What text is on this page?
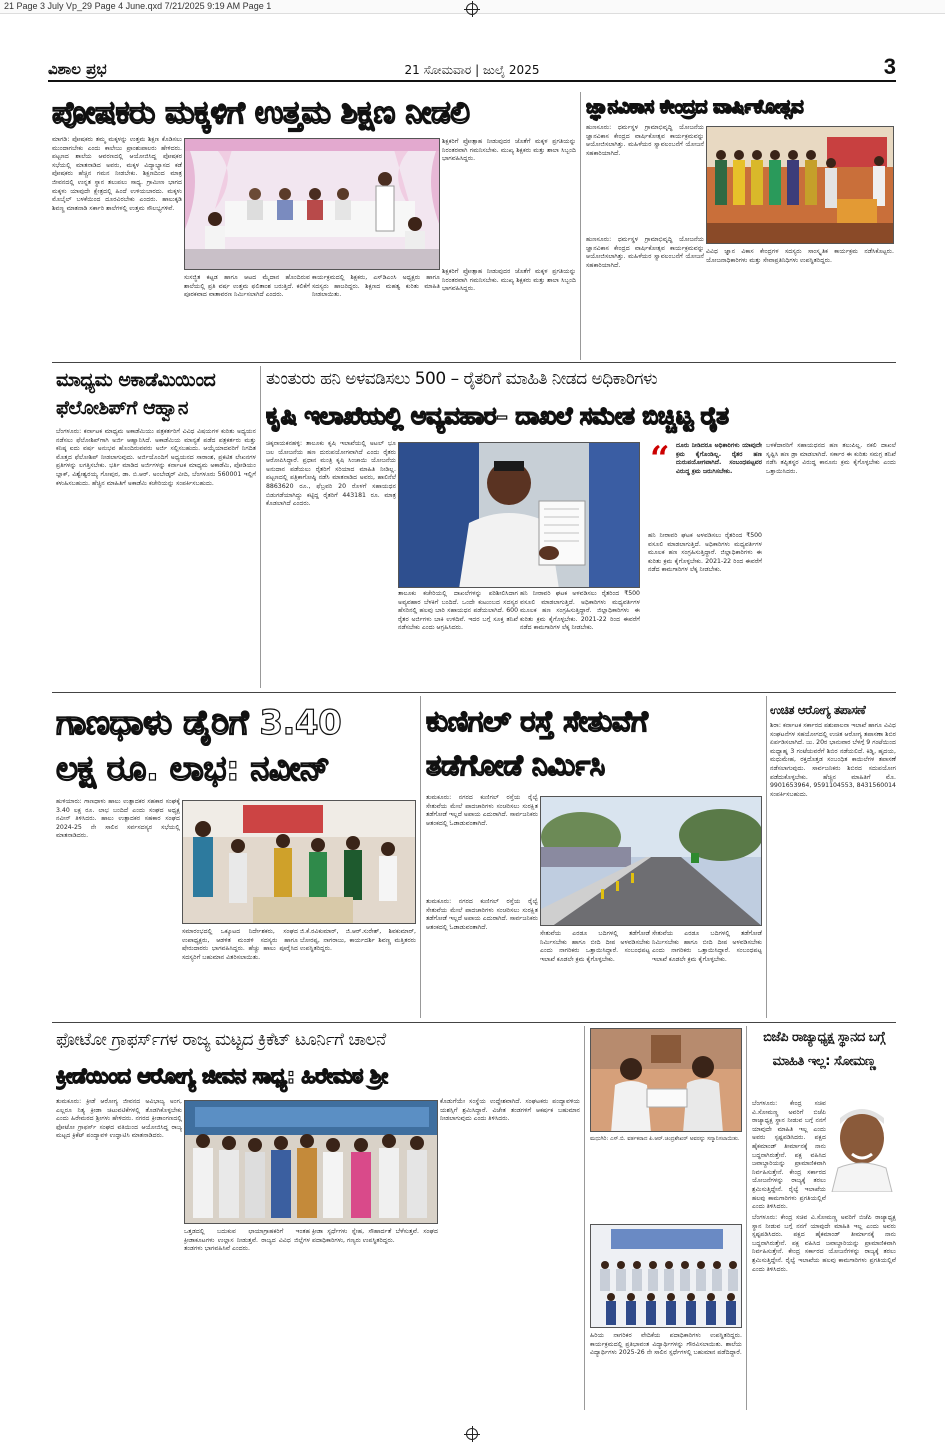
21 Page 3 July Vp_29 Page 4 June.qxd 7/21/2025 9:19 AM Page 1
ವಿಶಾಲ ಪ್ರಭ	21 ಸೋಮವಾರ | ಜುಲೈ 2025	3
ಪೋಷಕರು ಮಕ್ಕಳಿಗೆ ಉತ್ತಮ ಶಿಕ್ಷಣ ನೀಡಲಿ
ಮಾಗಡಿ: ಪೋಷಕರು ತಮ್ಮ ಮಕ್ಕಳನ್ನು ಉತ್ತಮ ಶಿಕ್ಷಣ ಕೊಡಿಸಲು ಮುಂದಾಗಬೇಕು ಎಂದು ಕಾಲೇಜು ಪ್ರಾಂಶುಪಾಲರು ಹೇಳಿದರು. ಪಟ್ಟಣದ ಶಾಲೆಯ ಆವರಣದಲ್ಲಿ ಆಯೋಜಿಸಿದ್ದ ಪೋಷಕರ ಸಭೆಯಲ್ಲಿ ಮಾತನಾಡಿದ ಅವರು, ಮಕ್ಕಳ ವಿದ್ಯಾಭ್ಯಾಸದ ಕಡೆ ಪೋಷಕರು ಹೆಚ್ಚಿನ ಗಮನ ನೀಡಬೇಕು. ಶಿಕ್ಷಣದಿಂದ ಮಾತ್ರ ಜೀವನದಲ್ಲಿ ಉನ್ನತ ಸ್ಥಾನ ತಲುಪಲು ಸಾಧ್ಯ. ಗ್ರಾಮೀಣ ಭಾಗದ ಮಕ್ಕಳು ಯಾವುದೇ ಕ್ಷೇತ್ರದಲ್ಲಿ ಹಿಂದೆ ಉಳಿಯಬಾರದು. ಮಕ್ಕಳು ಮೊಬೈಲ್ ಬಳಕೆಯಿಂದ ದೂರವಿರಬೇಕು ಎಂದರು. ಹಾಲುಕ್ಕಡಿ ಶಿವಣ್ಣ ಮಾತನಾಡಿ ಸರ್ಕಾರಿ ಶಾಲೆಗಳಲ್ಲಿ ಉತ್ತಮ ಸೌಲಭ್ಯಗಳಿವೆ.
ಶಿಕ್ಷಕರಿಗೆ ಪ್ರೋತ್ಸಾಹ ನೀಡುವುದರ ಜೊತೆಗೆ ಮಕ್ಕಳ ಪ್ರಗತಿಯನ್ನು ನಿರಂತರವಾಗಿ ಗಮನಿಸಬೇಕು. ಮುಖ್ಯ ಶಿಕ್ಷಕರು ಮತ್ತು ಶಾಲಾ ಸಿಬ್ಬಂದಿ ಭಾಗವಹಿಸಿದ್ದರು.
ಸುಸಜ್ಜಿತ ಕಟ್ಟಡ ಹಾಗೂ ಆಟದ ಮೈದಾನ ಹೊಂದಿರುವ ಶಾಲೆಯಲ್ಲಿ ಪ್ರತಿ ವರ್ಷ ಉತ್ತಮ ಫಲಿತಾಂಶ ಬರುತ್ತಿದೆ. ಕಲಿಕೆಗೆ ಪೂರಕವಾದ ವಾತಾವರಣ ನಿರ್ಮಿಸಲಾಗಿದೆ ಎಂದರು.
ಕಾರ್ಯಕ್ರಮದಲ್ಲಿ ಶಿಕ್ಷಕರು, ಎಸ್‌ಡಿಎಂಸಿ ಅಧ್ಯಕ್ಷರು ಹಾಗೂ ಸದಸ್ಯರು ಹಾಜರಿದ್ದರು. ಶಿಕ್ಷಣದ ಮಹತ್ವ ಕುರಿತು ಮಾಹಿತಿ ನೀಡಲಾಯಿತು.
ಶಿಕ್ಷಕರಿಗೆ ಪ್ರೋತ್ಸಾಹ ನೀಡುವುದರ ಜೊತೆಗೆ ಮಕ್ಕಳ ಪ್ರಗತಿಯನ್ನು ನಿರಂತರವಾಗಿ ಗಮನಿಸಬೇಕು. ಮುಖ್ಯ ಶಿಕ್ಷಕರು ಮತ್ತು ಶಾಲಾ ಸಿಬ್ಬಂದಿ ಭಾಗವಹಿಸಿದ್ದರು.
ಜ್ಞಾನವಿಕಾಸ ಕೇಂದ್ರದ ವಾರ್ಷಿಕೋತ್ಸವ
ಹುಣಸೂರು: ಧರ್ಮಸ್ಥಳ ಗ್ರಾಮಾಭಿವೃದ್ಧಿ ಯೋಜನೆಯ ಜ್ಞಾನವಿಕಾಸ ಕೇಂದ್ರದ ವಾರ್ಷಿಕೋತ್ಸವ ಕಾರ್ಯಕ್ರಮವನ್ನು ಆಯೋಜಿಸಲಾಗಿತ್ತು. ಮಹಿಳೆಯರ ಸ್ವಾವಲಂಬನೆಗೆ ಯೋಜನೆ ಸಹಕಾರಿಯಾಗಿದೆ.
ಹುಣಸೂರು: ಧರ್ಮಸ್ಥಳ ಗ್ರಾಮಾಭಿವೃದ್ಧಿ ಯೋಜನೆಯ ಜ್ಞಾನವಿಕಾಸ ಕೇಂದ್ರದ ವಾರ್ಷಿಕೋತ್ಸವ ಕಾರ್ಯಕ್ರಮವನ್ನು ಆಯೋಜಿಸಲಾಗಿತ್ತು. ಮಹಿಳೆಯರ ಸ್ವಾವಲಂಬನೆಗೆ ಯೋಜನೆ ಸಹಕಾರಿಯಾಗಿದೆ.
ವಿವಿಧ ಜ್ಞಾನ ವಿಕಾಸ ಕೇಂದ್ರಗಳ ಸದಸ್ಯರು ಸಾಂಸ್ಕೃತಿಕ ಕಾರ್ಯಕ್ರಮ ನಡೆಸಿಕೊಟ್ಟರು. ಯೋಜನಾಧಿಕಾರಿಗಳು ಮತ್ತು ಸೇವಾಪ್ರತಿನಿಧಿಗಳು ಉಪಸ್ಥಿತರಿದ್ದರು.
ಮಾಧ್ಯಮ ಅಕಾಡೆಮಿಯಿಂದ ಫೆಲೋಶಿಪ್‌ಗೆ ಆಹ್ವಾನ
ಬೆಂಗಳೂರು: ಕರ್ನಾಟಕ ಮಾಧ್ಯಮ ಅಕಾಡೆಮಿಯು ಪತ್ರಕರ್ತರಿಗೆ ವಿವಿಧ ವಿಷಯಗಳ ಕುರಿತು ಅಧ್ಯಯನ ನಡೆಸಲು ಫೆಲೋಶಿಪ್‌ಗಾಗಿ ಅರ್ಜಿ ಆಹ್ವಾನಿಸಿದೆ. ಅಕಾಡೆಮಿಯ ಮಾನ್ಯತೆ ಪಡೆದ ಪತ್ರಕರ್ತರು ಮತ್ತು ಕನಿಷ್ಠ ಐದು ವರ್ಷ ಅನುಭವ ಹೊಂದಿರುವವರು ಅರ್ಜಿ ಸಲ್ಲಿಸಬಹುದು. ಆಯ್ಕೆಯಾದವರಿಗೆ ನಿಗದಿತ ಮೊತ್ತದ ಫೆಲೋಶಿಪ್ ನೀಡಲಾಗುವುದು. ಅರ್ಜಿಯೊಂದಿಗೆ ಅಧ್ಯಯನದ ಸಾರಾಂಶ, ಪ್ರಕಟಿತ ಲೇಖನಗಳ ಪ್ರತಿಗಳನ್ನು ಲಗತ್ತಿಸಬೇಕು. ಭರ್ತಿ ಮಾಡಿದ ಅರ್ಜಿಗಳನ್ನು ಕರ್ನಾಟಕ ಮಾಧ್ಯಮ ಅಕಾಡೆಮಿ, ಪೋಡಿಯಂ ಬ್ಲಾಕ್, ವಿಶ್ವೇಶ್ವರಯ್ಯ ಗೋಪುರ, ಡಾ. ಬಿ.ಆರ್. ಅಂಬೇಡ್ಕರ್ ವೀದಿ, ಬೆಂಗಳೂರು 560001 ಇಲ್ಲಿಗೆ ಕಳುಹಿಸಬಹುದು. ಹೆಚ್ಚಿನ ಮಾಹಿತಿಗೆ ಅಕಾಡೆಮಿ ಕಚೇರಿಯನ್ನು ಸಂಪರ್ಕಿಸಬಹುದು.
ತುಂತುರು ಹನಿ ಅಳವಡಿಸಲು 500 – ರೈತರಿಗೆ ಮಾಹಿತಿ ನೀಡದ ಅಧಿಕಾರಿಗಳು
ಕೃಷಿ ಇಲಾಖೆಯಲ್ಲಿ ಅವ್ಯವಹಾರ– ದಾಖಲೆ ಸಮೇತ ಬಿಚ್ಚಿಟ್ಟ ರೈತ
ಚಿಕ್ಕನಾಯಕನಹಳ್ಳಿ: ತಾಲೂಕು ಕೃಷಿ ಇಲಾಖೆಯಲ್ಲಿ ಅಟಲ್ ಭೂ ಜಲ ಯೋಜನೆಯ ಹಣ ದುರುಪಯೋಗವಾಗಿದೆ ಎಂದು ರೈತರು ಆರೋಪಿಸಿದ್ದಾರೆ. ಪ್ರಧಾನ ಮಂತ್ರಿ ಕೃಷಿ ಸಿಂಚಾಯಿ ಯೋಜನೆಯ ಅನುದಾನ ಪಡೆಯಲು ರೈತರಿಗೆ ಸರಿಯಾದ ಮಾಹಿತಿ ನೀಡಿಲ್ಲ. ಪಟ್ಟಣದಲ್ಲಿ ಪತ್ರಿಕಾಗೋಷ್ಠಿ ನಡೆಸಿ ಮಾತನಾಡಿದ ಅವರು, ಹಾಲಿನೆಲೆ 8863620 ರೂ., ಫೆಬ್ರವರಿ 20 ರೊಳಗೆ ಸಹಾಯಧನ ಬಿಡುಗಡೆಯಾಗಿದ್ದು ಕಟ್ಟಿದ್ದ ರೈತರಿಗೆ 443181 ರೂ. ಮಾತ್ರ ಕೊಡಲಾಗಿದೆ ಎಂದರು.
ತಾಲೂಕು ಕಚೇರಿಯಲ್ಲಿ ದಾಖಲೆಗಳನ್ನು ಪರಿಶೀಲಿಸಿದಾಗ ಅವ್ಯವಹಾರ ಬೆಳಕಿಗೆ ಬಂದಿದೆ. ಒಂದೇ ಕುಟುಂಬದ ಸದಸ್ಯರ ಹೆಸರಿನಲ್ಲಿ ಹಲವು ಬಾರಿ ಸಹಾಯಧನ ಪಡೆಯಲಾಗಿದೆ. 600 ರೈತರ ಅರ್ಜಿಗಳು ಬಾಕಿ ಉಳಿದಿವೆ. ಇದರ ಬಗ್ಗೆ ಸೂಕ್ತ ತನಿಖೆ ನಡೆಸಬೇಕು ಎಂದು ಆಗ್ರಹಿಸಿದರು.
ಹನಿ ನೀರಾವರಿ ಘಟಕ ಅಳವಡಿಸಲು ರೈತರಿಂದ ₹500 ವಸೂಲಿ ಮಾಡಲಾಗುತ್ತಿದೆ. ಅಧಿಕಾರಿಗಳು ಮಧ್ಯವರ್ತಿಗಳ ಮೂಲಕ ಹಣ ಸಂಗ್ರಹಿಸುತ್ತಿದ್ದಾರೆ. ಜಿಲ್ಲಾಧಿಕಾರಿಗಳು ಈ ಕುರಿತು ಕ್ರಮ ಕೈಗೊಳ್ಳಬೇಕು. 2021-22 ರಿಂದ ಈವರೆಗೆ ನಡೆದ ಕಾಮಗಾರಿಗಳ ಲೆಕ್ಕ ನೀಡಬೇಕು.
“ ದೂರು ನೀಡಿದರೂ ಅಧಿಕಾರಿಗಳು ಯಾವುದೇ ಕ್ರಮ ಕೈಗೊಂಡಿಲ್ಲ. ರೈತರ ಹಣ ದುರುಪಯೋಗವಾಗಿದೆ. ಸಂಬಂಧಪಟ್ಟವರ ವಿರುದ್ಧ ಕ್ರಮ ಜರುಗಿಸಬೇಕು.
ಹನಿ ನೀರಾವರಿ ಘಟಕ ಅಳವಡಿಸಲು ರೈತರಿಂದ ₹500 ವಸೂಲಿ ಮಾಡಲಾಗುತ್ತಿದೆ. ಅಧಿಕಾರಿಗಳು ಮಧ್ಯವರ್ತಿಗಳ ಮೂಲಕ ಹಣ ಸಂಗ್ರಹಿಸುತ್ತಿದ್ದಾರೆ. ಜಿಲ್ಲಾಧಿಕಾರಿಗಳು ಈ ಕುರಿತು ಕ್ರಮ ಕೈಗೊಳ್ಳಬೇಕು. 2021-22 ರಿಂದ ಈವರೆಗೆ ನಡೆದ ಕಾಮಗಾರಿಗಳ ಲೆಕ್ಕ ನೀಡಬೇಕು.
ಬಳಕೆದಾರರಿಗೆ ಸಹಾಯಧನದ ಹಣ ತಲುಪಿಲ್ಲ. ನಕಲಿ ದಾಖಲೆ ಸೃಷ್ಟಿಸಿ ಹಣ ಡ್ರಾ ಮಾಡಲಾಗಿದೆ. ಸರ್ಕಾರ ಈ ಕುರಿತು ಸಮಗ್ರ ತನಿಖೆ ನಡೆಸಿ ತಪ್ಪಿತಸ್ಥರ ವಿರುದ್ಧ ಕಾನೂನು ಕ್ರಮ ಕೈಗೊಳ್ಳಬೇಕು ಎಂದು ಒತ್ತಾಯಿಸಿದರು.
ಗಾಣಧಾಳು ಡೈರಿಗೆ 3.40
ಲಕ್ಷ ರೂ. ಲಾಭ: ನವೀನ್
ಹುಳಿಯಾರು: ಗಾಣಧಾಳು ಹಾಲು ಉತ್ಪಾದಕರ ಸಹಕಾರ ಸಂಘಕ್ಕೆ 3.40 ಲಕ್ಷ ರೂ. ಲಾಭ ಬಂದಿದೆ ಎಂದು ಸಂಘದ ಅಧ್ಯಕ್ಷ ನವೀನ್ ತಿಳಿಸಿದರು. ಹಾಲು ಉತ್ಪಾದಕರ ಸಹಕಾರ ಸಂಘದ 2024-25 ನೇ ಸಾಲಿನ ಸರ್ವಸದಸ್ಯರ ಸಭೆಯಲ್ಲಿ ಮಾತನಾಡಿದರು.
ಸಮಾರಂಭದಲ್ಲಿ ಒಕ್ಕೂಟದ ನಿರ್ದೇಶಕರು, ಸಂಘದ ಉಪಾಧ್ಯಕ್ಷರು, ಆಡಳಿತ ಮಂಡಳಿ ಸದಸ್ಯರು ಹಾಗೂ ಷೇರುದಾರರು ಭಾಗವಹಿಸಿದ್ದರು. ಹೆಚ್ಚು ಹಾಲು ಪೂರೈಸಿದ ಸದಸ್ಯರಿಗೆ ಬಹುಮಾನ ವಿತರಿಸಲಾಯಿತು.
ಜಿ.ಕೆ.ರವಿಕುಮಾರ್, ಜಿ.ಆರ್.ಸುರೇಶ್, ಶಿವಕುಮಾರ್, ಬೋರಪ್ಪ, ನಾಗರಾಜು, ಕಾರ್ಯದರ್ಶಿ ಶಿವಣ್ಣ ಮತ್ತಿತರರು ಉಪಸ್ಥಿತರಿದ್ದರು.
ಕುಣಿಗಲ್ ರಸ್ತೆ ಸೇತುವೆಗೆ
ತಡೆಗೋಡೆ ನಿರ್ಮಿಸಿ
ತುಮಕೂರು: ನಗರದ ಕುಣಿಗಲ್ ರಸ್ತೆಯ ರೈಲ್ವೆ ಸೇತುವೆಯ ಮೇಲೆ ಪಾದಚಾರಿಗಳು ಸಂಚರಿಸಲು ಸುರಕ್ಷಿತ ತಡೆಗೋಡೆ ಇಲ್ಲದೆ ಅಪಾಯ ಎದುರಾಗಿದೆ. ಸಾರ್ವಜನಿಕರು ಆತಂಕದಲ್ಲಿ ಓಡಾಡುವಂತಾಗಿದೆ.
ತುಮಕೂರು: ನಗರದ ಕುಣಿಗಲ್ ರಸ್ತೆಯ ರೈಲ್ವೆ ಸೇತುವೆಯ ಮೇಲೆ ಪಾದಚಾರಿಗಳು ಸಂಚರಿಸಲು ಸುರಕ್ಷಿತ ತಡೆಗೋಡೆ ಇಲ್ಲದೆ ಅಪಾಯ ಎದುರಾಗಿದೆ. ಸಾರ್ವಜನಿಕರು ಆತಂಕದಲ್ಲಿ ಓಡಾಡುವಂತಾಗಿದೆ.
ಸೇತುವೆಯ ಎರಡೂ ಬದಿಗಳಲ್ಲಿ ತಡೆಗೋಡೆ ನಿರ್ಮಿಸಬೇಕು ಹಾಗೂ ಬೀದಿ ದೀಪ ಅಳವಡಿಸಬೇಕು ಎಂದು ನಾಗರಿಕರು ಒತ್ತಾಯಿಸಿದ್ದಾರೆ. ಸಂಬಂಧಪಟ್ಟ ಇಲಾಖೆ ಕೂಡಲೇ ಕ್ರಮ ಕೈಗೊಳ್ಳಬೇಕು.
ಸೇತುವೆಯ ಎರಡೂ ಬದಿಗಳಲ್ಲಿ ತಡೆಗೋಡೆ ನಿರ್ಮಿಸಬೇಕು ಹಾಗೂ ಬೀದಿ ದೀಪ ಅಳವಡಿಸಬೇಕು ಎಂದು ನಾಗರಿಕರು ಒತ್ತಾಯಿಸಿದ್ದಾರೆ. ಸಂಬಂಧಪಟ್ಟ ಇಲಾಖೆ ಕೂಡಲೇ ಕ್ರಮ ಕೈಗೊಳ್ಳಬೇಕು.
ಉಚಿತ ಆರೋಗ್ಯ ತಪಾಸಣೆ
ಶಿರಾ: ಕರ್ನಾಟಕ ಸರ್ಕಾರದ ಪಶುಪಾಲನಾ ಇಲಾಖೆ ಹಾಗೂ ವಿವಿಧ ಸಂಘಟನೆಗಳ ಸಹಯೋಗದಲ್ಲಿ ಉಚಿತ ಆರೋಗ್ಯ ತಪಾಸಣಾ ಶಿಬಿರ ಏರ್ಪಡಿಸಲಾಗಿದೆ. ಜು. 20ರ ಭಾನುವಾರ ಬೆಳಗ್ಗೆ 9 ಗಂಟೆಯಿಂದ ಮಧ್ಯಾಹ್ನ 3 ಗಂಟೆಯವರೆಗೆ ಶಿಬಿರ ನಡೆಯಲಿದೆ. ಕಿಡ್ನಿ, ಹೃದಯ, ಮಧುಮೇಹ, ರಕ್ತದೊತ್ತಡ ಸಂಬಂಧಿತ ಕಾಯಿಲೆಗಳ ತಪಾಸಣೆ ನಡೆಸಲಾಗುವುದು. ಸಾರ್ವಜನಿಕರು ಶಿಬಿರದ ಸದುಪಯೋಗ ಪಡೆದುಕೊಳ್ಳಬೇಕು. ಹೆಚ್ಚಿನ ಮಾಹಿತಿಗೆ ಮೊ. 9901653964, 9591104553, 8431560014 ಸಂಪರ್ಕಿಸಬಹುದು.
ಫೋಟೋ ಗ್ರಾಫರ್ಸ್‌ಗಳ ರಾಜ್ಯ ಮಟ್ಟದ ಕ್ರಿಕೆಟ್ ಟೂರ್ನಿಗೆ ಚಾಲನೆ
ಕ್ರೀಡೆಯಿಂದ ಆರೋಗ್ಯ ಜೀವನ ಸಾಧ್ಯ: ಹಿರೇಮಠ ಶ್ರೀ
ತುಮಕೂರು: ಕ್ರೀಡೆ ಆರೋಗ್ಯ ಜೀವನದ ಅವಿಭಾಜ್ಯ ಅಂಗ, ಎಲ್ಲರೂ ನಿತ್ಯ ಕ್ರೀಡಾ ಚಟುವಟಿಕೆಗಳಲ್ಲಿ ತೊಡಗಿಕೊಳ್ಳಬೇಕು ಎಂದು ಹಿರೇಮಠದ ಶ್ರೀಗಳು ಹೇಳಿದರು. ನಗರದ ಕ್ರೀಡಾಂಗಣದಲ್ಲಿ ಫೋಟೋ ಗ್ರಾಫರ್ಸ್ ಸಂಘದ ವತಿಯಿಂದ ಆಯೋಜಿಸಿದ್ದ ರಾಜ್ಯ ಮಟ್ಟದ ಕ್ರಿಕೆಟ್ ಪಂದ್ಯಾವಳಿ ಉದ್ಘಾಟಿಸಿ ಮಾತನಾಡಿದರು.
ಒತ್ತಡದಲ್ಲಿ ಬದುಕುವ ಛಾಯಾಗ್ರಾಹಕರಿಗೆ ಇಂತಹ ಕ್ರೀಡಾಕೂಟಗಳು ಉಲ್ಲಾಸ ನೀಡುತ್ತವೆ. ರಾಜ್ಯದ ವಿವಿಧ ಜಿಲ್ಲೆಗಳ ತಂಡಗಳು ಭಾಗವಹಿಸಿವೆ ಎಂದರು.
ಕ್ರೀಡಾ ಸ್ಪರ್ಧೆಗಳು ಸ್ನೇಹ, ಸೌಹಾರ್ದತೆ ಬೆಳೆಸುತ್ತವೆ. ಸಂಘದ ಪದಾಧಿಕಾರಿಗಳು, ಗಣ್ಯರು ಉಪಸ್ಥಿತರಿದ್ದರು.
ಕೊಡುಗೆಯೇ ಸಂಸ್ಥೆಯ ಉದ್ದೇಶವಾಗಿದೆ. ಸಂಘಟಕರು ಪಂದ್ಯಾವಳಿಯ ಯಶಸ್ಸಿಗೆ ಶ್ರಮಿಸಿದ್ದಾರೆ. ವಿಜೇತ ತಂಡಗಳಿಗೆ ಆಕರ್ಷಕ ಬಹುಮಾನ ನೀಡಲಾಗುವುದು ಎಂದು ತಿಳಿಸಿದರು.
ಮಧುಗಿರಿ: ಎಸ್.ಬಿ. ವರ್ತಕರಾದ ಪಿ.ಆರ್.ಚಂದ್ರಶೇಖರ್ ಅವರನ್ನು ಸನ್ಮಾನಿಸಲಾಯಿತು.
ಹಿರಿಯ ನಾಗರಿಕರ ವೇದಿಕೆಯ ಪದಾಧಿಕಾರಿಗಳು ಉಪಸ್ಥಿತರಿದ್ದರು. ಕಾರ್ಯಕ್ರಮದಲ್ಲಿ ಪ್ರತಿಭಾವಂತ ವಿದ್ಯಾರ್ಥಿಗಳನ್ನು ಗೌರವಿಸಲಾಯಿತು. ಶಾಲೆಯ ವಿದ್ಯಾರ್ಥಿಗಳು 2025-26 ನೇ ಸಾಲಿನ ಸ್ಪರ್ಧೆಗಳಲ್ಲಿ ಬಹುಮಾನ ಪಡೆದಿದ್ದಾರೆ.
ಬಿಜೆಪಿ ರಾಜ್ಯಾಧ್ಯಕ್ಷ ಸ್ಥಾನದ ಬಗ್ಗೆ ಮಾಹಿತಿ ಇಲ್ಲ: ಸೋಮಣ್ಣ
ಬೆಂಗಳೂರು: ಕೇಂದ್ರ ಸಚಿವ ವಿ.ಸೋಮಣ್ಣ ಅವರಿಗೆ ಬಿಜೆಪಿ ರಾಜ್ಯಾಧ್ಯಕ್ಷ ಸ್ಥಾನ ನೀಡುವ ಬಗ್ಗೆ ನನಗೆ ಯಾವುದೇ ಮಾಹಿತಿ ಇಲ್ಲ ಎಂದು ಅವರು ಸ್ಪಷ್ಟಪಡಿಸಿದರು. ಪಕ್ಷದ ಹೈಕಮಾಂಡ್ ತೀರ್ಮಾನಕ್ಕೆ ನಾನು ಬದ್ಧನಾಗಿರುತ್ತೇನೆ. ಪಕ್ಷ ವಹಿಸಿದ ಜವಾಬ್ದಾರಿಯನ್ನು ಪ್ರಾಮಾಣಿಕವಾಗಿ ನಿರ್ವಹಿಸುತ್ತೇನೆ. ಕೇಂದ್ರ ಸರ್ಕಾರದ ಯೋಜನೆಗಳನ್ನು ರಾಜ್ಯಕ್ಕೆ ತರಲು ಶ್ರಮಿಸುತ್ತಿದ್ದೇನೆ. ರೈಲ್ವೆ ಇಲಾಖೆಯ ಹಲವು ಕಾಮಗಾರಿಗಳು ಪ್ರಗತಿಯಲ್ಲಿವೆ ಎಂದು ತಿಳಿಸಿದರು.
ಬೆಂಗಳೂರು: ಕೇಂದ್ರ ಸಚಿವ ವಿ.ಸೋಮಣ್ಣ ಅವರಿಗೆ ಬಿಜೆಪಿ ರಾಜ್ಯಾಧ್ಯಕ್ಷ ಸ್ಥಾನ ನೀಡುವ ಬಗ್ಗೆ ನನಗೆ ಯಾವುದೇ ಮಾಹಿತಿ ಇಲ್ಲ ಎಂದು ಅವರು ಸ್ಪಷ್ಟಪಡಿಸಿದರು. ಪಕ್ಷದ ಹೈಕಮಾಂಡ್ ತೀರ್ಮಾನಕ್ಕೆ ನಾನು ಬದ್ಧನಾಗಿರುತ್ತೇನೆ. ಪಕ್ಷ ವಹಿಸಿದ ಜವಾಬ್ದಾರಿಯನ್ನು ಪ್ರಾಮಾಣಿಕವಾಗಿ ನಿರ್ವಹಿಸುತ್ತೇನೆ. ಕೇಂದ್ರ ಸರ್ಕಾರದ ಯೋಜನೆಗಳನ್ನು ರಾಜ್ಯಕ್ಕೆ ತರಲು ಶ್ರಮಿಸುತ್ತಿದ್ದೇನೆ. ರೈಲ್ವೆ ಇಲಾಖೆಯ ಹಲವು ಕಾಮಗಾರಿಗಳು ಪ್ರಗತಿಯಲ್ಲಿವೆ ಎಂದು ತಿಳಿಸಿದರು.
